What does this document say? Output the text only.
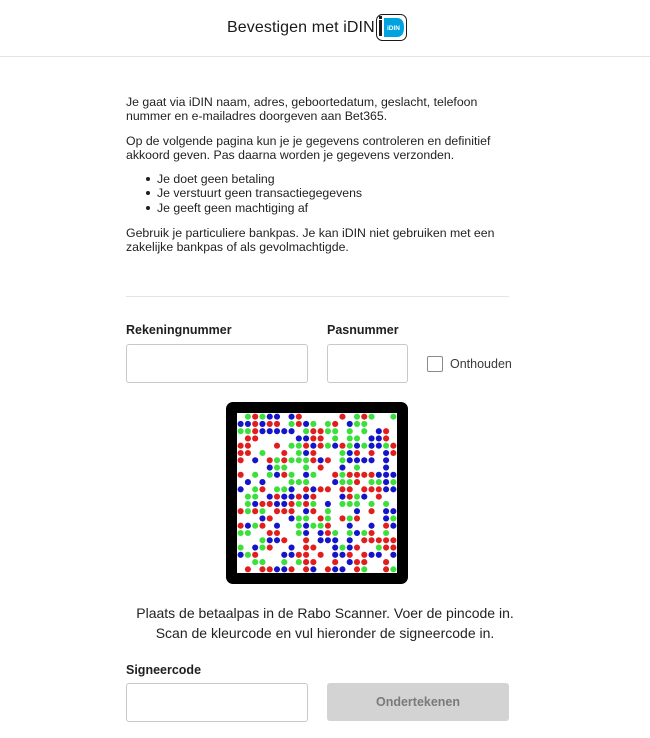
Bevestigen met iDIN iDIN

Je gaat via iDIN naam, adres, geboortedatum, geslacht, telefoon nummer en e-mailadres doorgeven aan Bet365.

Op de volgende pagina kun je je gegevens controleren en definitief akkoord geven. Pas daarna worden je gegevens verzonden.

Je doet geen betaling
Je verstuurt geen transactiegegevens
Je geeft geen machtiging af

Gebruik je particuliere bankpas. Je kan iDIN niet gebruiken met een zakelijke bankpas of als gevolmachtigde.

Rekeningnummer	Pasnummer
Onthouden
Plaats de betaalpas in de Rabo Scanner. Voer de pincode in.
Scan de kleurcode en vul hieronder de signeercode in.
Signeercode
Ondertekenen
